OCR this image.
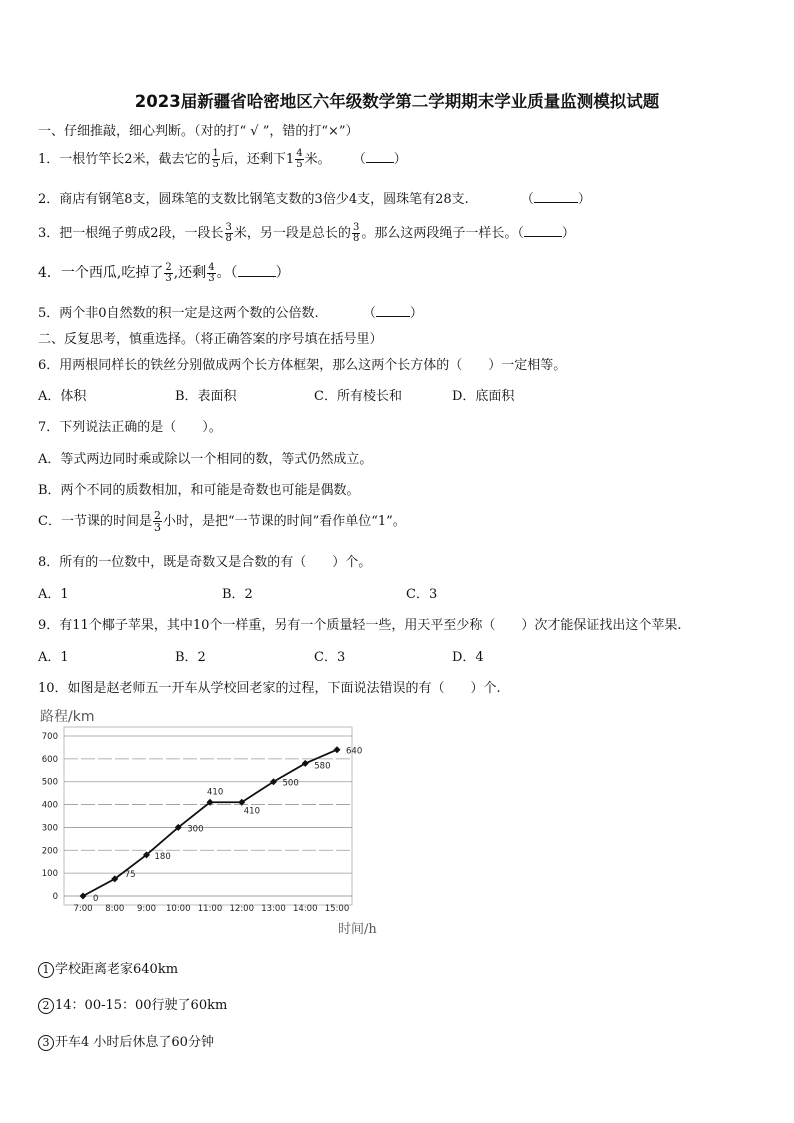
2023届新疆省哈密地区六年级数学第二学期期末学业质量监测模拟试题
一、仔细推敲，细心判断。（对的打“ √ ”，错的打“×”）
1．一根竹竿长2米，截去它的 $\frac{1}{5}$ 后，还剩下$1 \frac{4}{5}$ 米。 （ ）
2．商店有钢笔8支，圆珠笔的支数比钢笔支数的3倍少4支，圆珠笔有28支.	（	）
3．把一根绳子剪成2段，一段长 $\frac{3}{8}$ 米，另一段是总长的 $\frac{3}{8}$ 。那么这两段绳子一样长。（	）
4．一个西瓜,吃掉了 $\frac{2}{3}$ ,还剩 $\frac{4}{3}$ 。（	）
5．两个非0自然数的积一定是这两个数的公倍数.	（	）
二、反复思考，慎重选择。（将正确答案的序号填在括号里）
6．用两根同样长的铁丝分别做成两个长方体框架，那么这两个长方体的（　　）一定相等。
A．体积	B．表面积	C．所有棱长和	D．底面积
7．下列说法正确的是（　　）。
A．等式两边同时乘或除以一个相同的数，等式仍然成立。
B．两个不同的质数相加，和可能是奇数也可能是偶数。
C．一节课的时间是 $\frac{2}{3}$ 小时，是把“一节课的时间”看作单位“1”。
8．所有的一位数中，既是奇数又是合数的有（　　）个。
A．1	B．2	C．3
9．有11个椰子苹果，其中10个一样重，另有一个质量轻一些，用天平至少称（　　）次才能保证找出这个苹果.
A．1	B．2	C．3	D．4
10．如图是赵老师五一开车从学校回老家的过程，下面说法错误的有（　　）个.
路程/km
0
100
200
300
400
500
600
700
7:00 8:00 9:00 10:00 11:00 12:00 13:00 14:00 15:00
时间/h
0
75
180
300
410
410
500
580
640
1 学校距离老家640km
2 14：00-15：00行驶了60km
3 开车4 小时后休息了60分钟
